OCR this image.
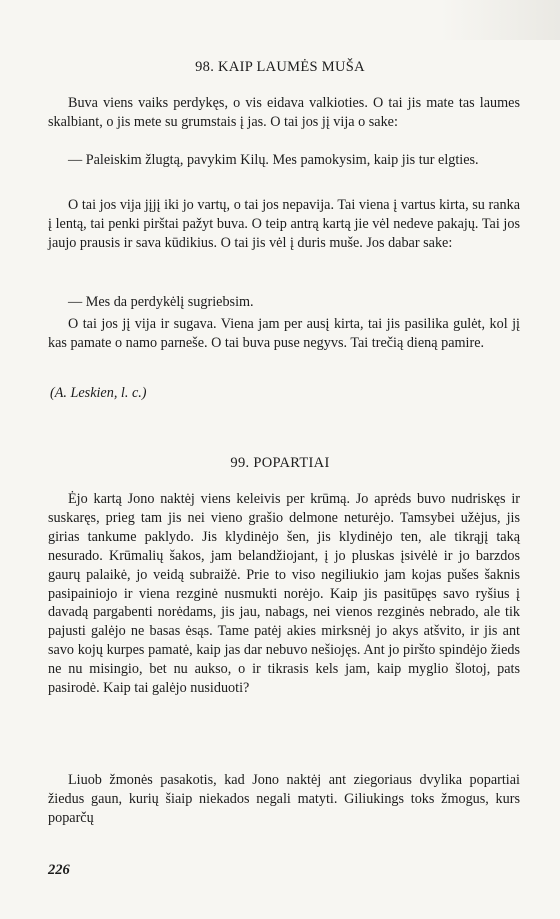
98. KAIP LAUMĖS MUŠA

Buva viens vaiks perdykęs, o vis eidava valkioties. O tai jis mate tas laumes skalbiant, o jis mete su grumstais į jas. O tai jos jį vija o sake:

— Paleiskim žlugtą, pavykim Kilų. Mes pamokysim, kaip jis tur elgties.

O tai jos vija jįjį iki jo vartų, o tai jos nepavija. Tai viena į vartus kirta, su ranka į lentą, tai penki pirštai pažyt buva. O teip antrą kartą jie vėl nedeve pakajų. Tai jos jaujo prausis ir sava kūdikius. O tai jis vėl į duris muše. Jos dabar sake:

— Mes da perdykėlį sugriebsim.

O tai jos jį vija ir sugava. Viena jam per ausį kirta, tai jis pasilika gulėt, kol jį kas pamate o namo parneše. O tai buva puse negyvs. Tai trečią dieną pamire.

(A. Leskien, l. c.)
99. POPARTIAI

Ėjo kartą Jono naktėj viens keleivis per krūmą. Jo aprėds buvo nudriskęs ir suskaręs, prieg tam jis nei vieno grašio delmone neturėjo. Tamsybei užėjus, jis girias tankume paklydo. Jis klydinėjo šen, jis klydinėjo ten, ale tikrąjį taką nesurado. Krūmalių šakos, jam belandžiojant, į jo pluskas įsivėlė ir jo barzdos gaurų palaikė, jo veidą subraižė. Prie to viso negiliukio jam kojas pušes šaknis pasipainiojo ir viena rezginė nusmukti norėjo. Kaip jis pasitūpęs savo ryšius į davadą pargabenti norėdams, jis jau, nabags, nei vienos rezginės nebrado, ale tik pajusti galėjo ne basas ėsąs. Tame patėj akies mirksnėj jo akys atšvito, ir jis ant savo kojų kurpes pamatė, kaip jas dar nebuvo nešiojęs. Ant jo piršto spindėjo žieds ne nu misingio, bet nu aukso, o ir tikrasis kels jam, kaip myglio šlotoj, pats pasirodė. Kaip tai galėjo nusiduoti?

Liuob žmonės pasakotis, kad Jono naktėj ant ziegoriaus dvylika popartiai žiedus gaun, kurių šiaip niekados negali matyti. Giliukings toks žmogus, kurs poparčų

226
